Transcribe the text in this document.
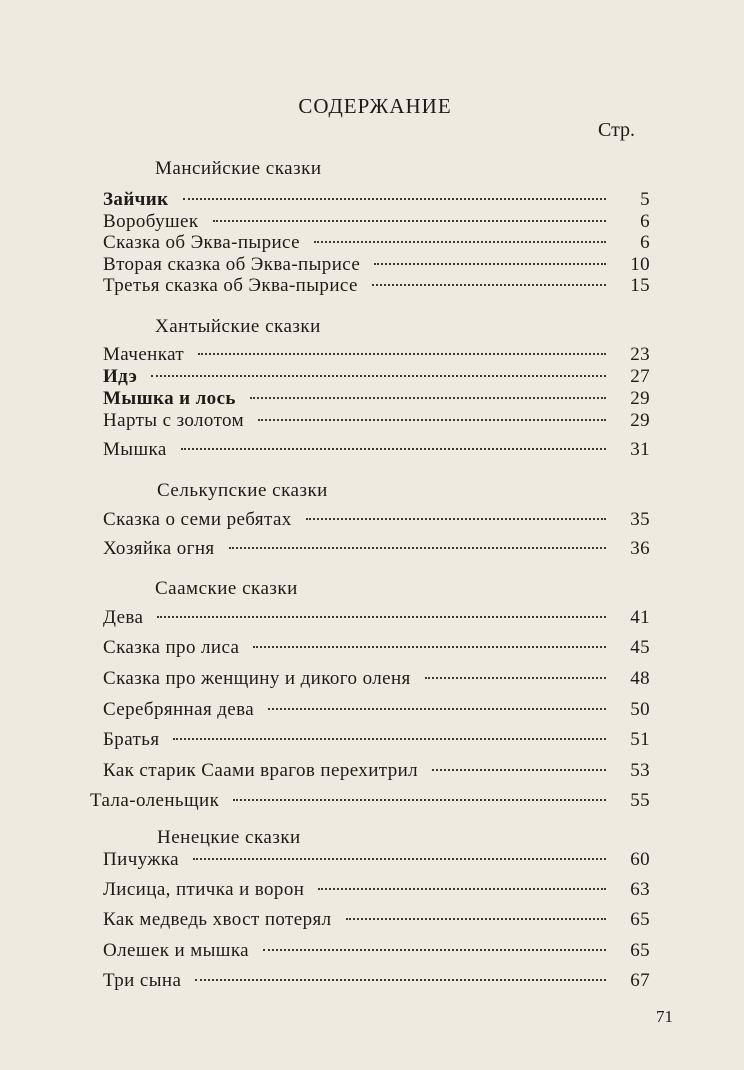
СОДЕРЖАНИЕ
Стр.
Мансийские сказки
Зайчик	5
Воробушек	6
Сказка об Эква-пырисе	6
Вторая сказка об Эква-пырисе	10
Третья сказка об Эква-пырисе	15
Хантыйские сказки
Маченкат	23
Идэ	27
Мышка и лось	29
Нарты с золотом	29
Мышка	31
Селькупские сказки
Сказка о семи ребятах	35
Хозяйка огня	36
Саамские сказки
Дева	41
Сказка про лиса	45
Сказка про женщину и дикого оленя	48
Серебрянная дева	50
Братья	51
Как старик Саами врагов перехитрил	53
Тала-оленьщик	55
Ненецкие сказки
Пичужка	60
Лисица, птичка и ворон	63
Как медведь хвост потерял	65
Олешек и мышка	65
Три сына	67
71
